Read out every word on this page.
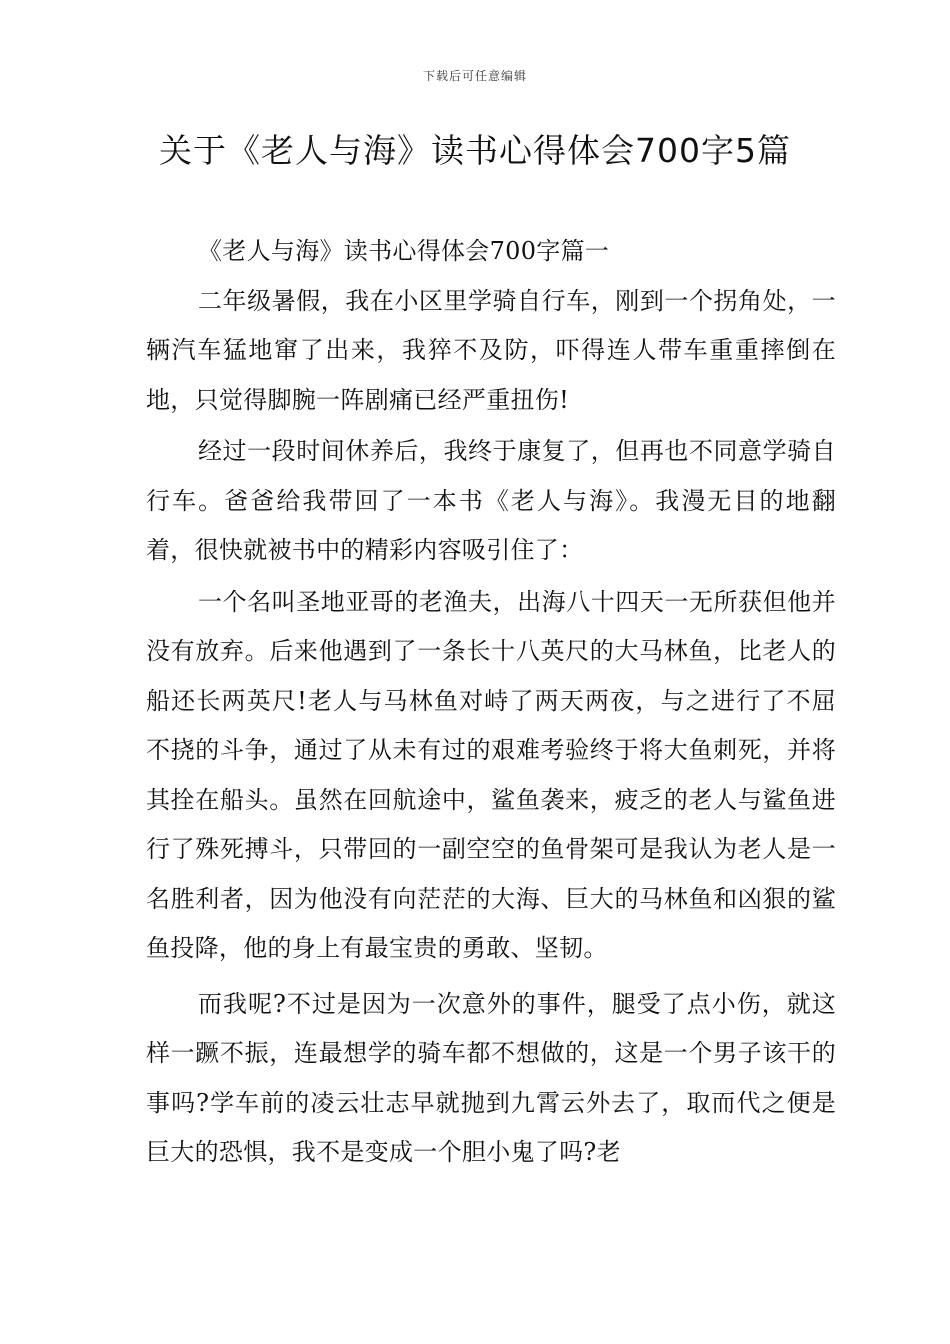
下载后可任意编辑
关于《老人与海》读书心得体会700字5篇

《老人与海》读书心得体会700字篇一

二年级暑假，我在小区里学骑自行车，刚到一个拐角处，一辆汽车猛地窜了出来，我猝不及防，吓得连人带车重重摔倒在地，只觉得脚腕一阵剧痛已经严重扭伤!

经过一段时间休养后，我终于康复了，但再也不同意学骑自行车。爸爸给我带回了一本书《老人与海》。我漫无目的地翻着，很快就被书中的精彩内容吸引住了：

一个名叫圣地亚哥的老渔夫，出海八十四天一无所获但他并没有放弃。后来他遇到了一条长十八英尺的大马林鱼，比老人的船还长两英尺!老人与马林鱼对峙了两天两夜，与之进行了不屈不挠的斗争，通过了从未有过的艰难考验终于将大鱼刺死，并将其拴在船头。虽然在回航途中，鲨鱼袭来，疲乏的老人与鲨鱼进行了殊死搏斗，只带回的一副空空的鱼骨架可是我认为老人是一名胜利者，因为他没有向茫茫的大海、巨大的马林鱼和凶狠的鲨鱼投降，他的身上有最宝贵的勇敢、坚韧。

而我呢?不过是因为一次意外的事件，腿受了点小伤，就这样一蹶不振，连最想学的骑车都不想做的，这是一个男子该干的事吗?学车前的凌云壮志早就抛到九霄云外去了，取而代之便是巨大的恐惧，我不是变成一个胆小鬼了吗?老
